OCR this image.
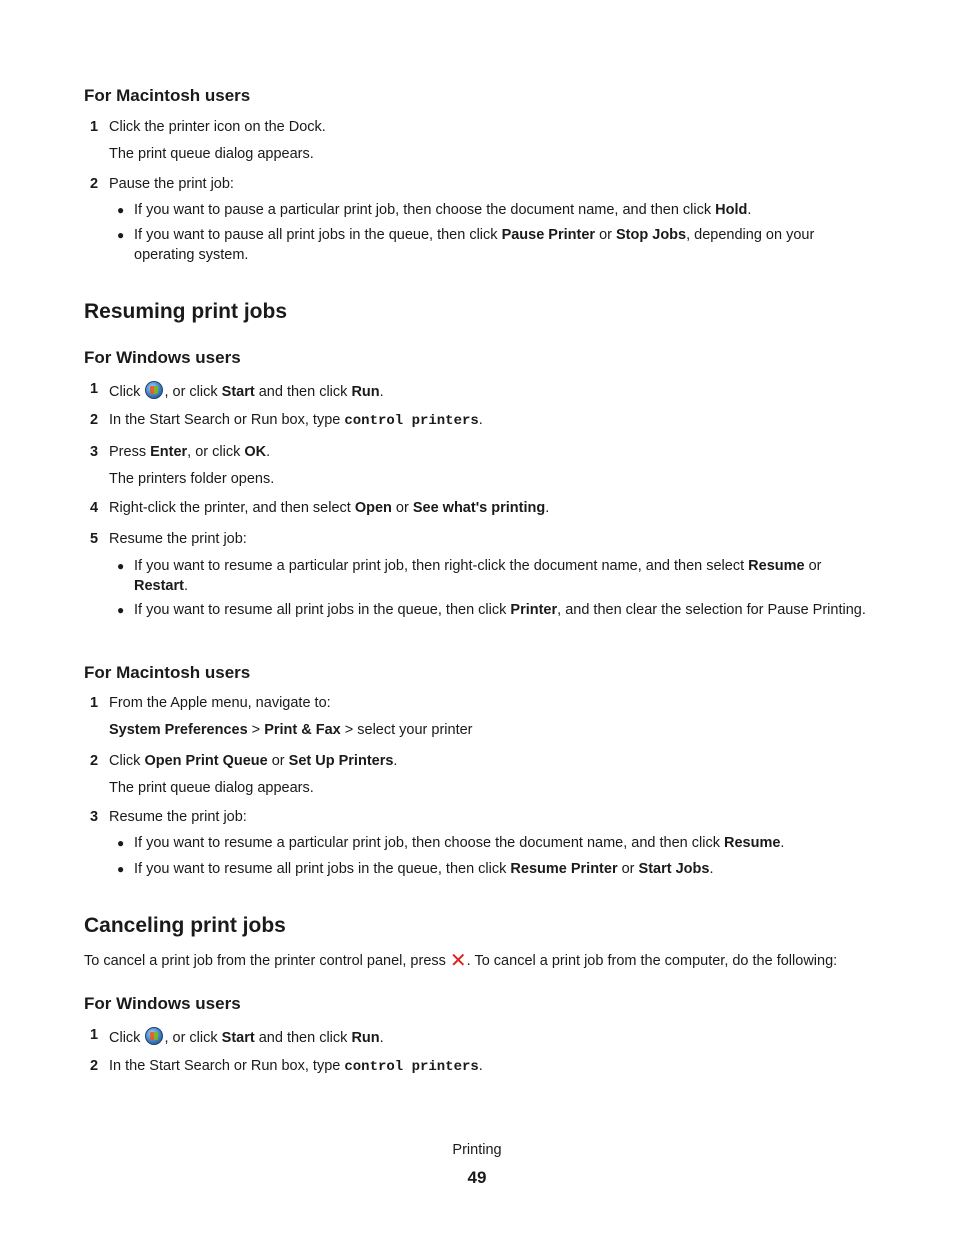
For Macintosh users
1 Click the printer icon on the Dock.
The print queue dialog appears.
2 Pause the print job:
● If you want to pause a particular print job, then choose the document name, and then click Hold.
● If you want to pause all print jobs in the queue, then click Pause Printer or Stop Jobs, depending on your operating system.
Resuming print jobs
For Windows users
1 Click , or click Start and then click Run.
2 In the Start Search or Run box, type control printers.
3 Press Enter, or click OK.
The printers folder opens.
4 Right-click the printer, and then select Open or See what's printing.
5 Resume the print job:
● If you want to resume a particular print job, then right-click the document name, and then select Resume or Restart.
● If you want to resume all print jobs in the queue, then click Printer, and then clear the selection for Pause Printing.
For Macintosh users
1 From the Apple menu, navigate to:
System Preferences > Print & Fax > select your printer
2 Click Open Print Queue or Set Up Printers.
The print queue dialog appears.
3 Resume the print job:
● If you want to resume a particular print job, then choose the document name, and then click Resume.
● If you want to resume all print jobs in the queue, then click Resume Printer or Start Jobs.
Canceling print jobs
To cancel a print job from the printer control panel, press ✕. To cancel a print job from the computer, do the following:
For Windows users
1 Click , or click Start and then click Run.
2 In the Start Search or Run box, type control printers.
Printing
49
